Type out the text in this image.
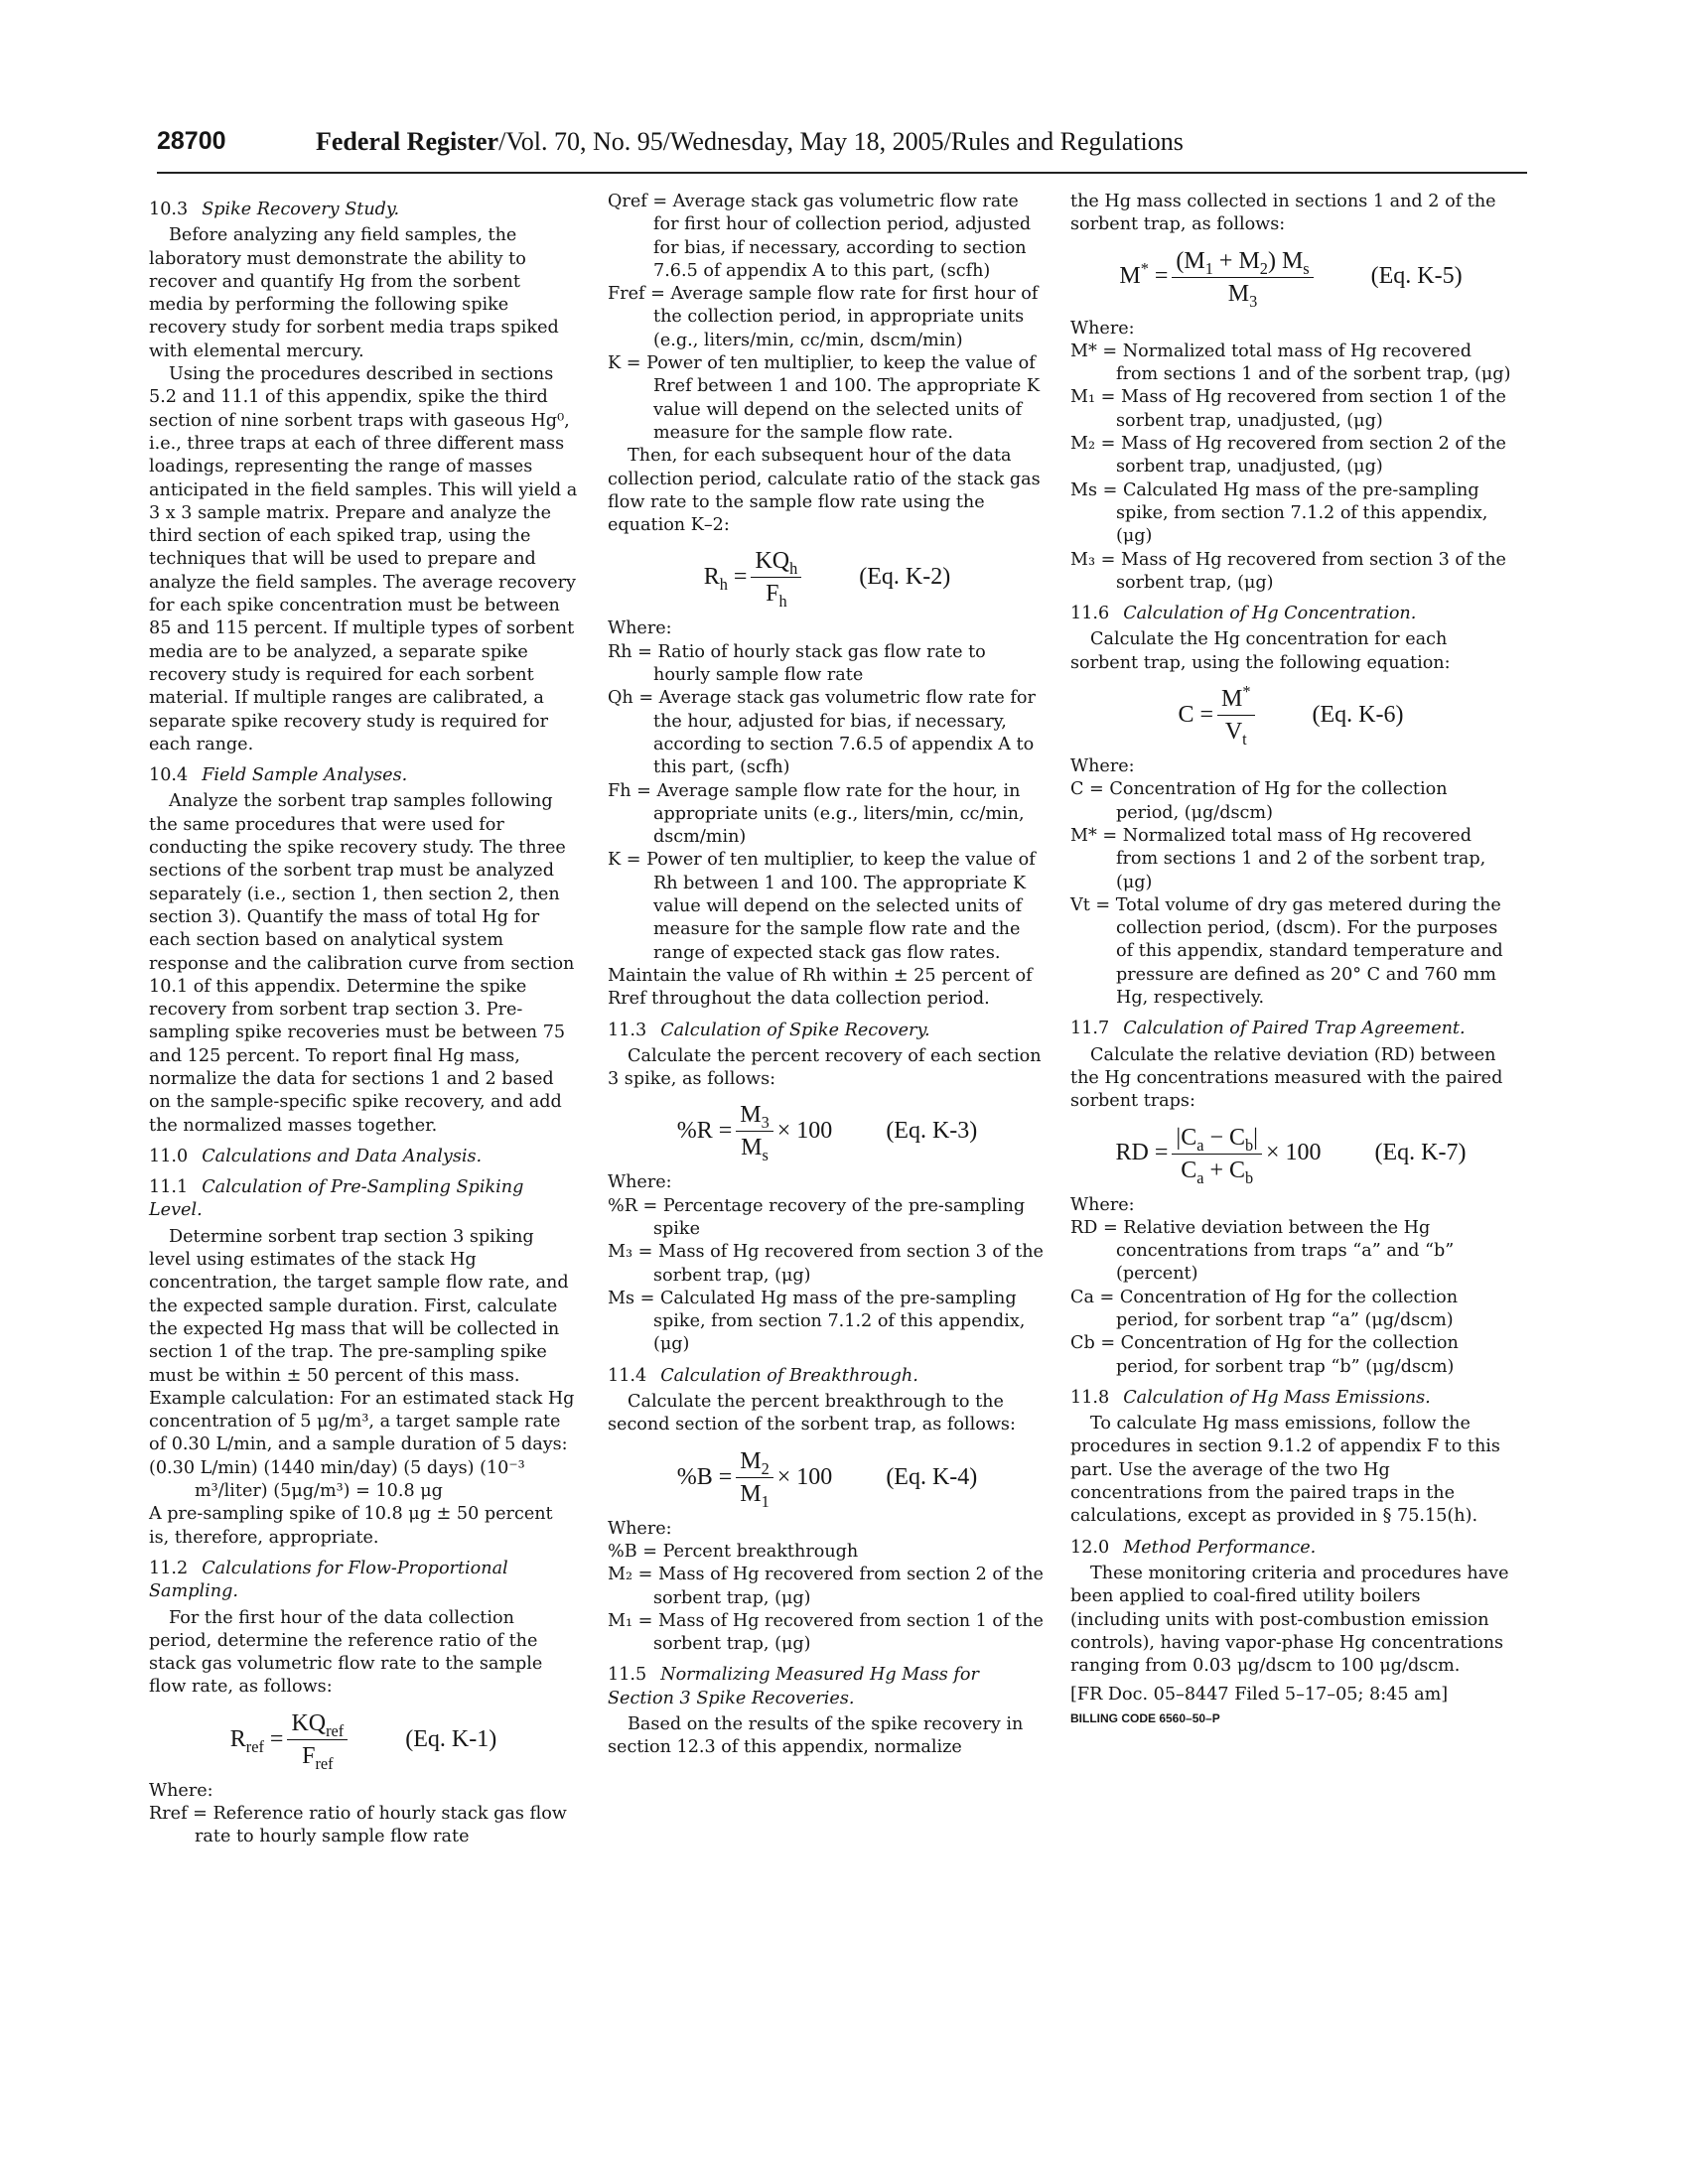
28700	Federal Register/Vol. 70, No. 95/Wednesday, May 18, 2005/Rules and Regulations

10.3 Spike Recovery Study.

Before analyzing any field samples, the laboratory must demonstrate the ability to recover and quantify Hg from the sorbent media by performing the following spike recovery study for sorbent media traps spiked with elemental mercury.

Using the procedures described in sections 5.2 and 11.1 of this appendix, spike the third section of nine sorbent traps with gaseous Hg⁰, i.e., three traps at each of three different mass loadings, representing the range of masses anticipated in the field samples. This will yield a 3 x 3 sample matrix. Prepare and analyze the third section of each spiked trap, using the techniques that will be used to prepare and analyze the field samples. The average recovery for each spike concentration must be between 85 and 115 percent. If multiple types of sorbent media are to be analyzed, a separate spike recovery study is required for each sorbent material. If multiple ranges are calibrated, a separate spike recovery study is required for each range.

10.4 Field Sample Analyses.

Analyze the sorbent trap samples following the same procedures that were used for conducting the spike recovery study. The three sections of the sorbent trap must be analyzed separately (i.e., section 1, then section 2, then section 3). Quantify the mass of total Hg for each section based on analytical system response and the calibration curve from section 10.1 of this appendix. Determine the spike recovery from sorbent trap section 3. Pre-sampling spike recoveries must be between 75 and 125 percent. To report final Hg mass, normalize the data for sections 1 and 2 based on the sample-specific spike recovery, and add the normalized masses together.

11.0 Calculations and Data Analysis.

11.1 Calculation of Pre-Sampling Spiking Level.

Determine sorbent trap section 3 spiking level using estimates of the stack Hg concentration, the target sample flow rate, and the expected sample duration. First, calculate the expected Hg mass that will be collected in section 1 of the trap. The pre-sampling spike must be within ± 50 percent of this mass. Example calculation: For an estimated stack Hg concentration of 5 μg/m³, a target sample rate of 0.30 L/min, and a sample duration of 5 days:

(0.30 L/min) (1440 min/day) (5 days) (10⁻³ m³/liter) (5μg/m³) = 10.8 μg

A pre-sampling spike of 10.8 μg ± 50 percent is, therefore, appropriate.

11.2 Calculations for Flow-Proportional Sampling.

For the first hour of the data collection period, determine the reference ratio of the stack gas volumetric flow rate to the sample flow rate, as follows:

$R_{ref} = \frac{KQ_{ref}}{F_{ref}} (Eq$. K-1)

Where:

Rref = Reference ratio of hourly stack gas flow rate to hourly sample flow rate

Qref = Average stack gas volumetric flow rate for first hour of collection period, adjusted for bias, if necessary, according to section 7.6.5 of appendix A to this part, (scfh)

Fref = Average sample flow rate for first hour of the collection period, in appropriate units (e.g., liters/min, cc/min, dscm/min)

K = Power of ten multiplier, to keep the value of Rref between 1 and 100. The appropriate K value will depend on the selected units of measure for the sample flow rate.

Then, for each subsequent hour of the data collection period, calculate ratio of the stack gas flow rate to the sample flow rate using the equation K–2:

$R_h = \frac{KQ_h}{F_h} (Eq$. K-2)

Where:

Rh = Ratio of hourly stack gas flow rate to hourly sample flow rate

Qh = Average stack gas volumetric flow rate for the hour, adjusted for bias, if necessary, according to section 7.6.5 of appendix A to this part, (scfh)

Fh = Average sample flow rate for the hour, in appropriate units (e.g., liters/min, cc/min, dscm/min)

K = Power of ten multiplier, to keep the value of Rh between 1 and 100. The appropriate K value will depend on the selected units of measure for the sample flow rate and the range of expected stack gas flow rates.

Maintain the value of Rh within ± 25 percent of Rref throughout the data collection period.

11.3 Calculation of Spike Recovery.

Calculate the percent recovery of each section 3 spike, as follows:

$\%R = \frac{M_3}{M_s} \times 100$ (Eq. K-3)

Where:

%R = Percentage recovery of the pre-sampling spike

M₃ = Mass of Hg recovered from section 3 of the sorbent trap, (μg)

Ms = Calculated Hg mass of the pre-sampling spike, from section 7.1.2 of this appendix, (μg)

11.4 Calculation of Breakthrough.

Calculate the percent breakthrough to the second section of the sorbent trap, as follows:

$\%B = \frac{M_2}{M_1} \times 100$ (Eq. K-4)

Where:

%B = Percent breakthrough

M₂ = Mass of Hg recovered from section 2 of the sorbent trap, (μg)

M₁ = Mass of Hg recovered from section 1 of the sorbent trap, (μg)

11.5 Normalizing Measured Hg Mass for Section 3 Spike Recoveries.

Based on the results of the spike recovery in section 12.3 of this appendix, normalize

the Hg mass collected in sections 1 and 2 of the sorbent trap, as follows:

$M^* = \frac{(M_1 + M_2) M_s}{M_3} (Eq$. K-5)

Where:

M* = Normalized total mass of Hg recovered from sections 1 and of the sorbent trap, (μg)

M₁ = Mass of Hg recovered from section 1 of the sorbent trap, unadjusted, (μg)

M₂ = Mass of Hg recovered from section 2 of the sorbent trap, unadjusted, (μg)

Ms = Calculated Hg mass of the pre-sampling spike, from section 7.1.2 of this appendix, (μg)

M₃ = Mass of Hg recovered from section 3 of the sorbent trap, (μg)

11.6 Calculation of Hg Concentration.

Calculate the Hg concentration for each sorbent trap, using the following equation:

$C = \frac{M^*}{V_t} (Eq$. K-6)

Where:

C = Concentration of Hg for the collection period, (μg/dscm)

M* = Normalized total mass of Hg recovered from sections 1 and 2 of the sorbent trap, (μg)

Vt = Total volume of dry gas metered during the collection period, (dscm). For the purposes of this appendix, standard temperature and pressure are defined as 20° C and 760 mm Hg, respectively.

11.7 Calculation of Paired Trap Agreement.

Calculate the relative deviation (RD) between the Hg concentrations measured with the paired sorbent traps:

RD = $\frac{|C_a - C_b|}{C_a + C_b} \times 100$ (Eq. K-7)

Where:

RD = Relative deviation between the Hg concentrations from traps “a” and “b” (percent)

Ca = Concentration of Hg for the collection period, for sorbent trap “a” (μg/dscm)

Cb = Concentration of Hg for the collection period, for sorbent trap “b” (μg/dscm)

11.8 Calculation of Hg Mass Emissions.

To calculate Hg mass emissions, follow the procedures in section 9.1.2 of appendix F to this part. Use the average of the two Hg concentrations from the paired traps in the calculations, except as provided in § 75.15(h).

12.0 Method Performance.

These monitoring criteria and procedures have been applied to coal-fired utility boilers (including units with post-combustion emission controls), having vapor-phase Hg concentrations ranging from 0.03 μg/dscm to 100 μg/dscm.

[FR Doc. 05–8447 Filed 5–17–05; 8:45 am]

BILLING CODE 6560–50–P
